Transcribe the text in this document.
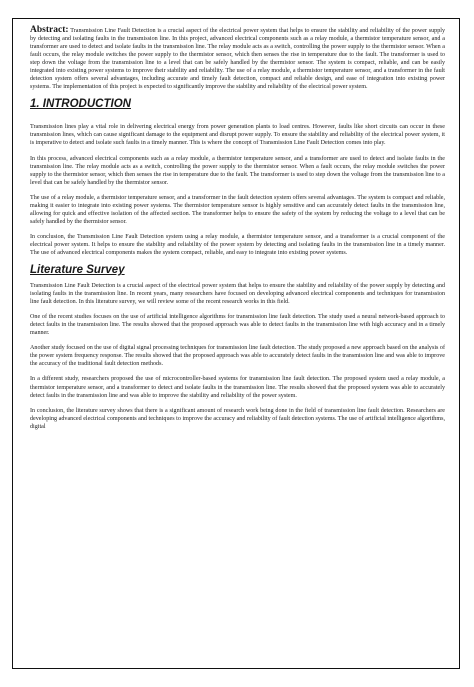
Abstract: Transmission Line Fault Detection is a crucial aspect of the electrical power system that helps to ensure the stability and reliability of the power supply by detecting and isolating faults in the transmission line. In this project, advanced electrical components such as a relay module, a thermistor temperature sensor, and a transformer are used to detect and isolate faults in the transmission line. The relay module acts as a switch, controlling the power supply to the thermistor sensor. When a fault occurs, the relay module switches the power supply to the thermistor sensor, which then senses the rise in temperature due to the fault. The transformer is used to step down the voltage from the transmission line to a level that can be safely handled by the thermistor sensor. The system is compact, reliable, and can be easily integrated into existing power systems to improve their stability and reliability. The use of a relay module, a thermistor temperature sensor, and a transformer in the fault detection system offers several advantages, including accurate and timely fault detection, compact and reliable design, and ease of integration into existing power systems. The implementation of this project is expected to significantly improve the stability and reliability of the electrical power system.

1. INTRODUCTION

Transmission lines play a vital role in delivering electrical energy from power generation plants to load centres. However, faults like short circuits can occur in these transmission lines, which can cause significant damage to the equipment and disrupt power supply. To ensure the stability and reliability of the electrical power system, it is imperative to detect and isolate such faults in a timely manner. This is where the concept of Transmission Line Fault Detection comes into play.

In this process, advanced electrical components such as a relay module, a thermistor temperature sensor, and a transformer are used to detect and isolate faults in the transmission line. The relay module acts as a switch, controlling the power supply to the thermistor sensor. When a fault occurs, the relay module switches the power supply to the thermistor sensor, which then senses the rise in temperature due to the fault. The transformer is used to step down the voltage from the transmission line to a level that can be safely handled by the thermistor sensor.

The use of a relay module, a thermistor temperature sensor, and a transformer in the fault detection system offers several advantages. The system is compact and reliable, making it easier to integrate into existing power systems. The thermistor temperature sensor is highly sensitive and can accurately detect faults in the transmission line, allowing for quick and effective isolation of the affected section. The transformer helps to ensure the safety of the system by reducing the voltage to a level that can be safely handled by the thermistor sensor.

In conclusion, the Transmission Line Fault Detection system using a relay module, a thermistor temperature sensor, and a transformer is a crucial component of the electrical power system. It helps to ensure the stability and reliability of the power system by detecting and isolating faults in the transmission line in a timely manner. The use of advanced electrical components makes the system compact, reliable, and easy to integrate into existing power systems.

Literature Survey

Transmission Line Fault Detection is a crucial aspect of the electrical power system that helps to ensure the stability and reliability of the power supply by detecting and isolating faults in the transmission line. In recent years, many researchers have focused on developing advanced electrical components and techniques for transmission line fault detection. In this literature survey, we will review some of the recent research works in this field.

One of the recent studies focuses on the use of artificial intelligence algorithms for transmission line fault detection. The study used a neural network-based approach to detect faults in the transmission line. The results showed that the proposed approach was able to detect faults in the transmission line with high accuracy and in a timely manner.

Another study focused on the use of digital signal processing techniques for transmission line fault detection. The study proposed a new approach based on the analysis of the power system frequency response. The results showed that the proposed approach was able to accurately detect faults in the transmission line and was able to improve the accuracy of the traditional fault detection methods.

In a different study, researchers proposed the use of microcontroller-based systems for transmission line fault detection. The proposed system used a relay module, a thermistor temperature sensor, and a transformer to detect and isolate faults in the transmission line. The results showed that the proposed system was able to accurately detect faults in the transmission line and was able to improve the stability and reliability of the power system.

In conclusion, the literature survey shows that there is a significant amount of research work being done in the field of transmission line fault detection. Researchers are developing advanced electrical components and techniques to improve the accuracy and reliability of fault detection systems. The use of artificial intelligence algorithms, digital
